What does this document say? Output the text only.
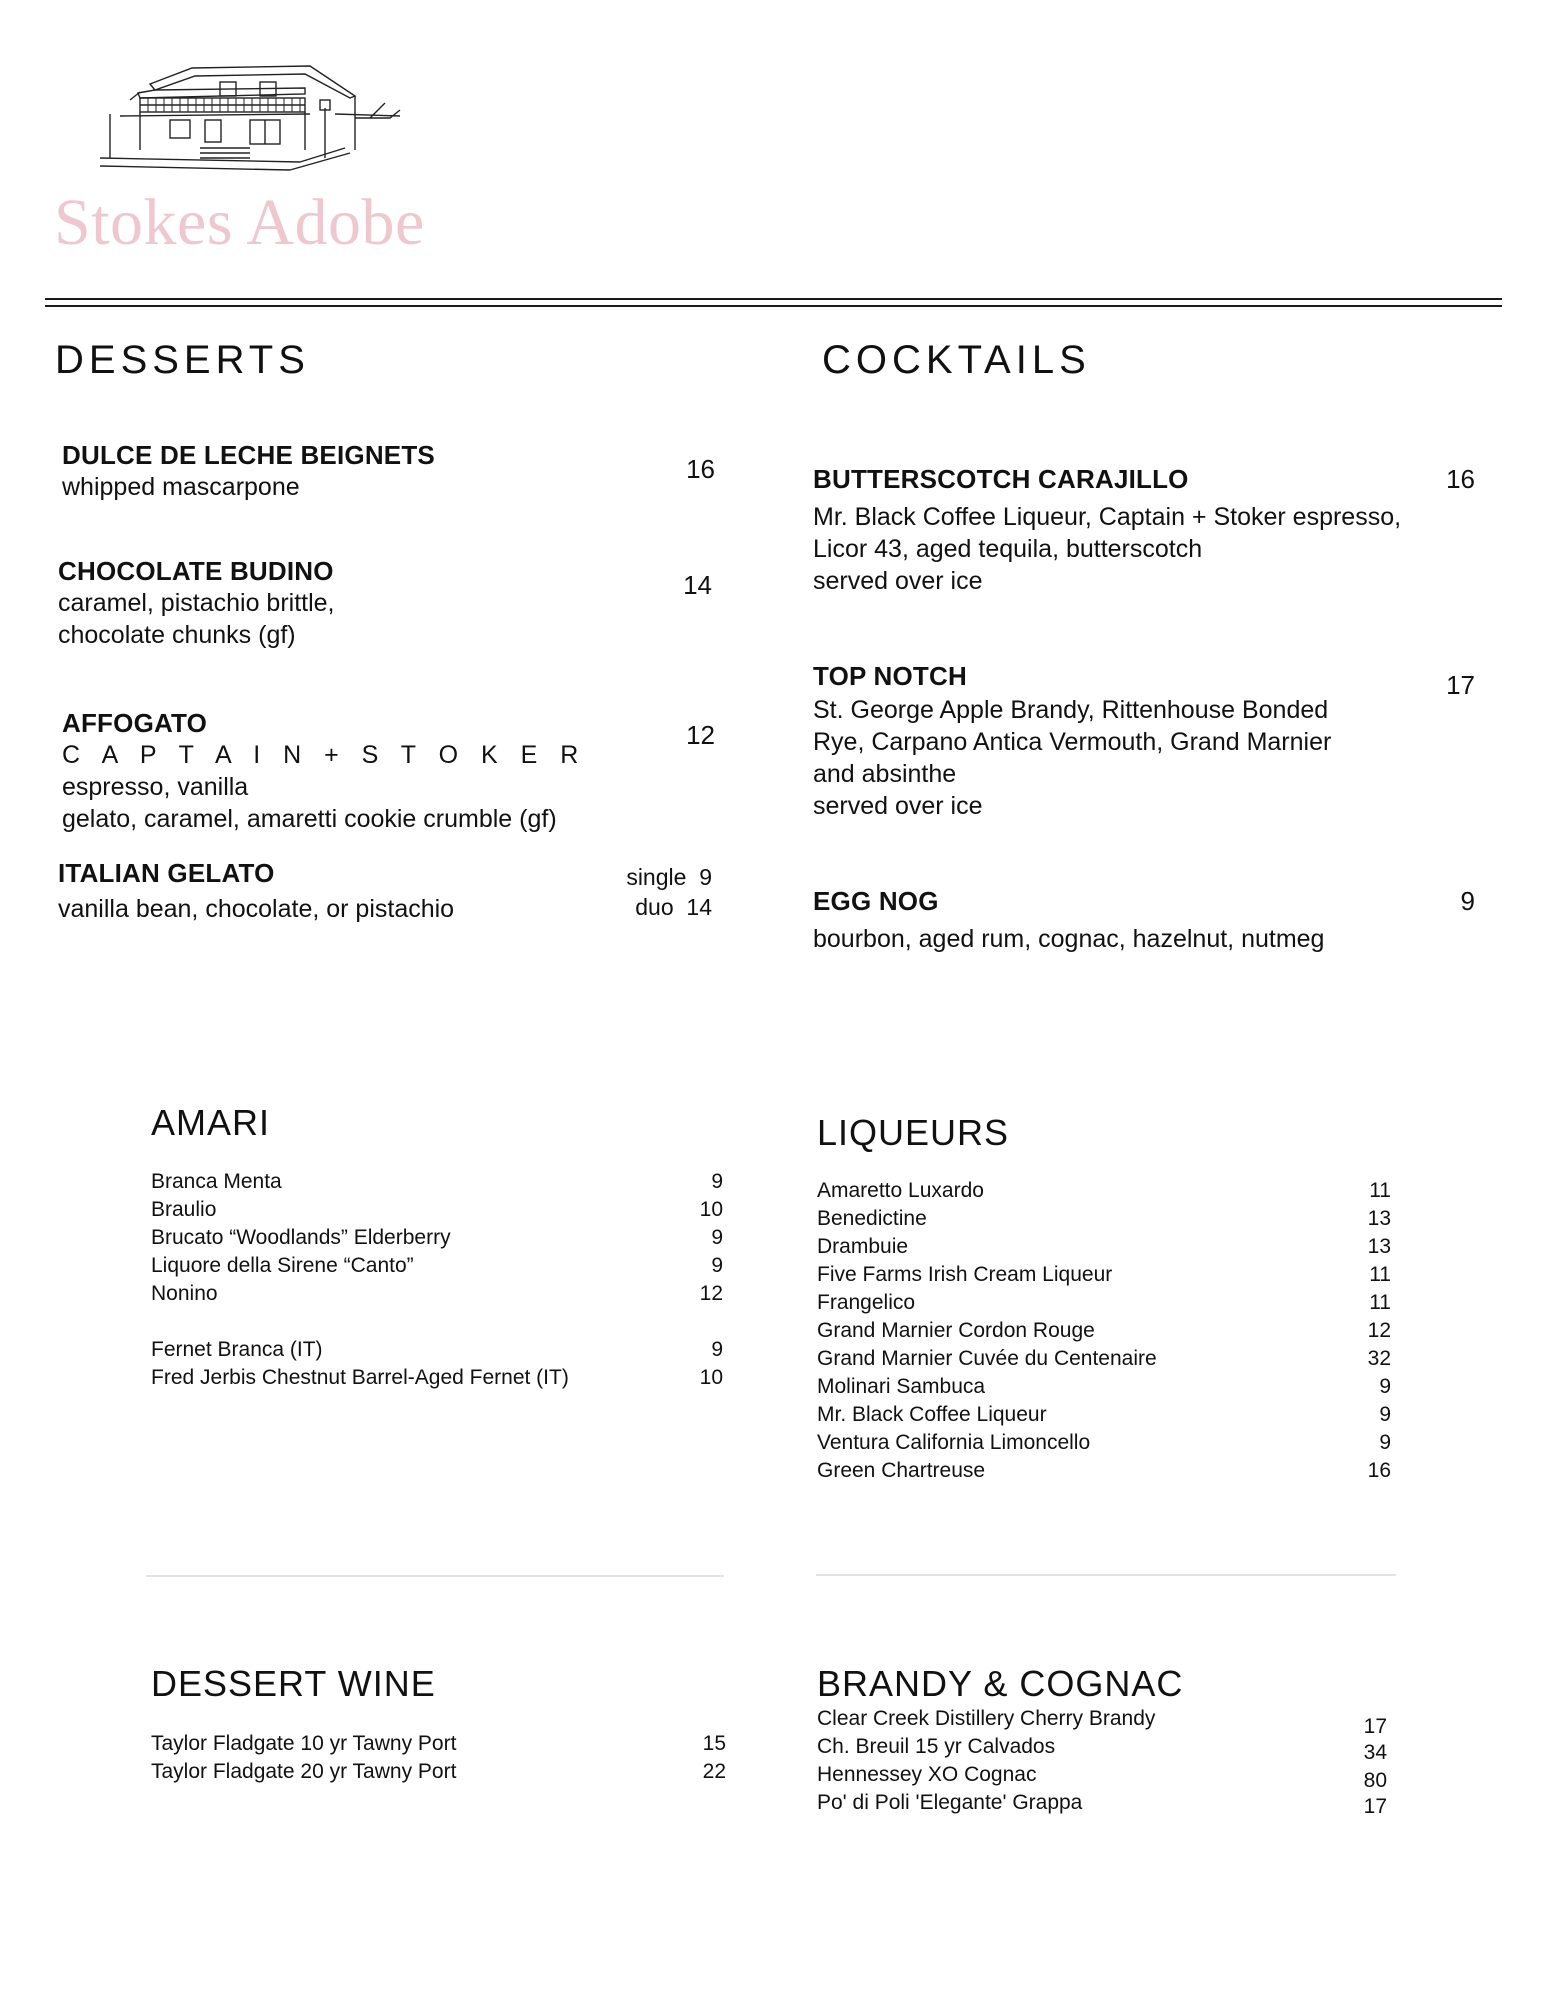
Stokes Adobe
DESSERTS
DULCE DE LECHE BEIGNETS
whipped mascarpone
16
CHOCOLATE BUDINO
caramel, pistachio brittle,
chocolate chunks (gf)
14
AFFOGATO
C A P T A I N + S T O K E R espresso, vanilla
gelato, caramel, amaretti cookie crumble (gf)
12
ITALIAN GELATO
vanilla bean, chocolate, or pistachio
single 9
duo 14
COCKTAILS
BUTTERSCOTCH CARAJILLO
Mr. Black Coffee Liqueur, Captain + Stoker espresso,
Licor 43, aged tequila, butterscotch
served over ice
16
TOP NOTCH
St. George Apple Brandy, Rittenhouse Bonded
Rye, Carpano Antica Vermouth, Grand Marnier
and absinthe
served over ice
17
EGG NOG
bourbon, aged rum, cognac, hazelnut, nutmeg
9
AMARI
Branca Menta	9
Braulio	10
Brucato “Woodlands” Elderberry	9
Liquore della Sirene “Canto”	9
Nonino	12
Fernet Branca (IT)	9
Fred Jerbis Chestnut Barrel-Aged Fernet (IT)	10
LIQUEURS
Amaretto Luxardo	11
Benedictine	13
Drambuie	13
Five Farms Irish Cream Liqueur	11
Frangelico	11
Grand Marnier Cordon Rouge	12
Grand Marnier Cuvée du Centenaire	32
Molinari Sambuca	9
Mr. Black Coffee Liqueur	9
Ventura California Limoncello	9
Green Chartreuse	16
DESSERT WINE
Taylor Fladgate 10 yr Tawny Port	15
Taylor Fladgate 20 yr Tawny Port	22
BRANDY & COGNAC
Clear Creek Distillery Cherry Brandy	17
Ch. Breuil 15 yr Calvados	34
Hennessey XO Cognac	80
Po' di Poli 'Elegante' Grappa	17
